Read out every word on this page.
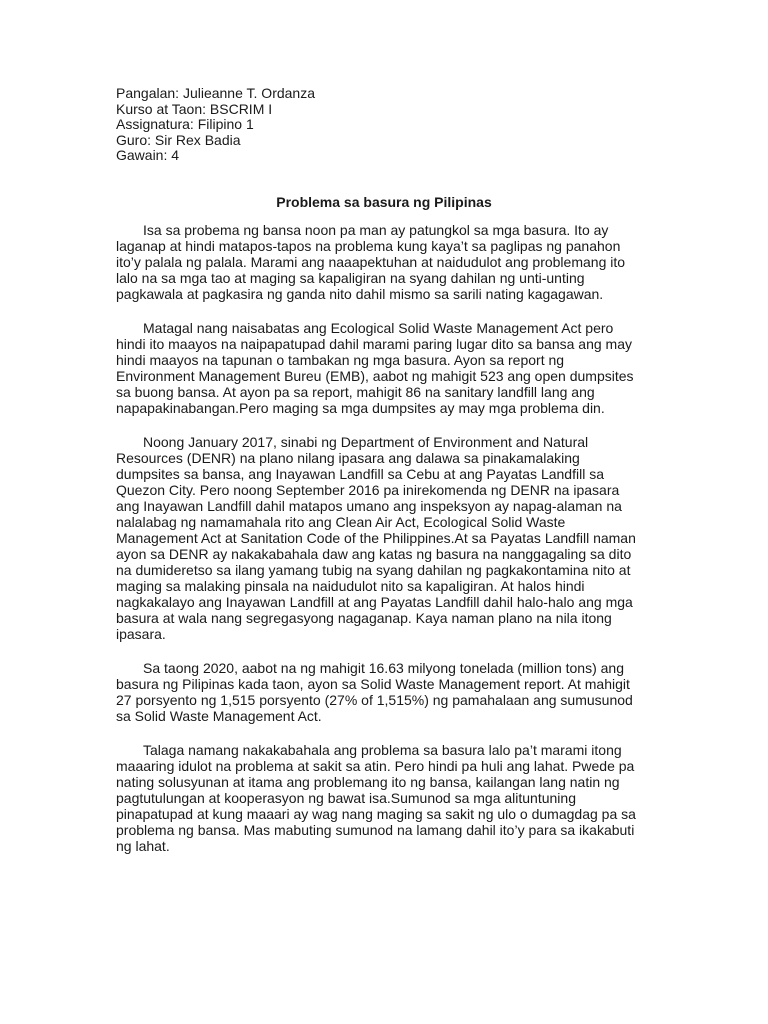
Pangalan: Julieanne T. Ordanza
Kurso at Taon: BSCRIM I
Assignatura: Filipino 1
Guro: Sir Rex Badia
Gawain: 4
Problema sa basura ng Pilipinas

Isa sa probema ng bansa noon pa man ay patungkol sa mga basura. Ito ay
laganap at hindi matapos-tapos na problema kung kaya’t sa paglipas ng panahon
ito’y palala ng palala. Marami ang naaapektuhan at naidudulot ang problemang ito
lalo na sa mga tao at maging sa kapaligiran na syang dahilan ng unti-unting
pagkawala at pagkasira ng ganda nito dahil mismo sa sarili nating kagagawan.

Matagal nang naisabatas ang Ecological Solid Waste Management Act pero
hindi ito maayos na naipapatupad dahil marami paring lugar dito sa bansa ang may
hindi maayos na tapunan o tambakan ng mga basura. Ayon sa report ng
Environment Management Bureu (EMB), aabot ng mahigit 523 ang open dumpsites
sa buong bansa. At ayon pa sa report, mahigit 86 na sanitary landfill lang ang
napapakinabangan.Pero maging sa mga dumpsites ay may mga problema din.

Noong January 2017, sinabi ng Department of Environment and Natural
Resources (DENR) na plano nilang ipasara ang dalawa sa pinakamalaking
dumpsites sa bansa, ang Inayawan Landfill sa Cebu at ang Payatas Landfill sa
Quezon City. Pero noong September 2016 pa inirekomenda ng DENR na ipasara
ang Inayawan Landfill dahil matapos umano ang inspeksyon ay napag-alaman na
nalalabag ng namamahala rito ang Clean Air Act, Ecological Solid Waste
Management Act at Sanitation Code of the Philippines.At sa Payatas Landfill naman
ayon sa DENR ay nakakabahala daw ang katas ng basura na nanggagaling sa dito
na dumideretso sa ilang yamang tubig na syang dahilan ng pagkakontamina nito at
maging sa malaking pinsala na naidudulot nito sa kapaligiran. At halos hindi
nagkakalayo ang Inayawan Landfill at ang Payatas Landfill dahil halo-halo ang mga
basura at wala nang segregasyong nagaganap. Kaya naman plano na nila itong
ipasara.

Sa taong 2020, aabot na ng mahigit 16.63 milyong tonelada (million tons) ang
basura ng Pilipinas kada taon, ayon sa Solid Waste Management report. At mahigit
27 porsyento ng 1,515 porsyento (27% of 1,515%) ng pamahalaan ang sumusunod
sa Solid Waste Management Act.

Talaga namang nakakabahala ang problema sa basura lalo pa’t marami itong
maaaring idulot na problema at sakit sa atin. Pero hindi pa huli ang lahat. Pwede pa
nating solusyunan at itama ang problemang ito ng bansa, kailangan lang natin ng
pagtutulungan at kooperasyon ng bawat isa.Sumunod sa mga alituntuning
pinapatupad at kung maaari ay wag nang maging sa sakit ng ulo o dumagdag pa sa
problema ng bansa. Mas mabuting sumunod na lamang dahil ito’y para sa ikakabuti
ng lahat.
